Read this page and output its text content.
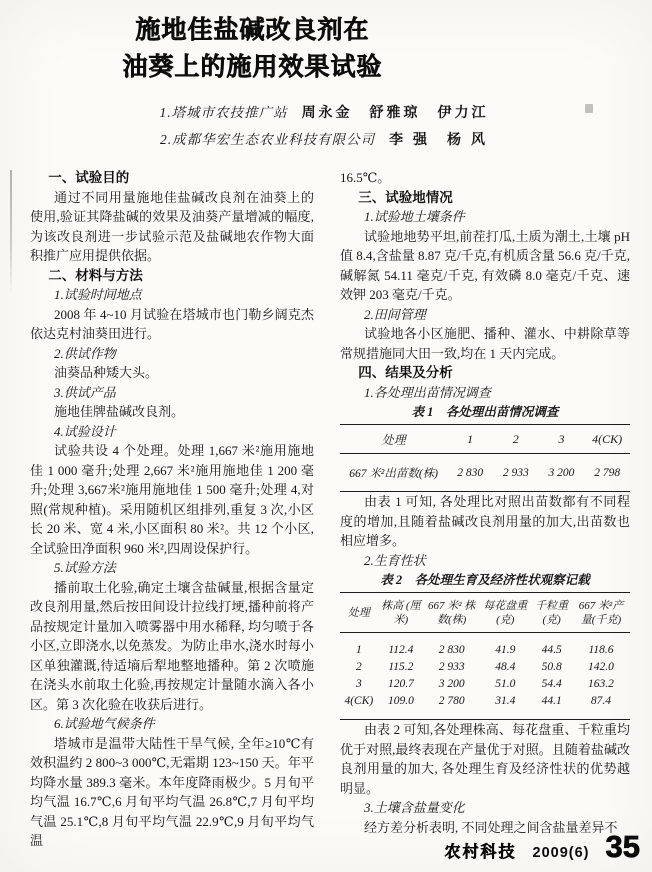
施地佳盐碱改良剂在
油葵上的施用效果试验
1.塔城市农技推广站 周永金　舒雅琼　伊力江
2.成都华宏生态农业科技有限公司 李 强　杨 风

一、试验目的

通过不同用量施地佳盐碱改良剂在油葵上的使用,验证其降盐碱的效果及油葵产量增减的幅度,为该改良剂进一步试验示范及盐碱地农作物大面积推广应用提供依据。

二、材料与方法

1.试验时间地点

2008 年 4~10 月试验在塔城市也门勒乡阔克杰依达克村油葵田进行。

2.供试作物

油葵品种矮大头。

3.供试产品

施地佳牌盐碱改良剂。

4.试验设计

试验共设 4 个处理。处理 1,667 米²施用施地佳 1 000 毫升;处理 2,667 米²施用施地佳 1 200 毫升;处理 3,667米²施用施地佳 1 500 毫升;处理 4,对照(常规种植)。采用随机区组排列,重复 3 次,小区长 20 米、宽 4 米,小区面积 80 米²。共 12 个小区,全试验田净面积 960 米²,四周设保护行。

5.试验方法

播前取土化验,确定土壤含盐碱量,根据含量定改良剂用量,然后按田间设计拉线打埂,播种前将产品按规定计量加入喷雾器中用水稀释, 均匀喷于各小区,立即浇水,以免蒸发。为防止串水,浇水时每小区单独灌溉,待适墒后犁地整地播种。第 2 次喷施在浇头水前取土化验,再按规定计量随水滴入各小区。第 3 次化验在收获后进行。

6.试验地气候条件

塔城市是温带大陆性干旱气候, 全年≥10℃有效积温约 2 800~3 000℃,无霜期 123~150 天。年平均降水量 389.3 毫米。本年度降雨极少。5 月旬平均气温 16.7℃,6 月旬平均气温 26.8℃,7 月旬平均气温 25.1℃,8 月旬平均气温 22.9℃,9 月旬平均气温

16.5℃。

三、试验地情况

1.试验地土壤条件

试验地地势平坦,前茬打瓜,土质为潮土,土壤 pH 值 8.4,含盐量 8.87 克/千克,有机质含量 56.6 克/千克, 碱解氮 54.11 毫克/千克, 有效磷 8.0 毫克/千克、速效钾 203 毫克/千克。

2.田间管理

试验地各小区施肥、播种、灌水、中耕除草等常规措施同大田一致,均在 1 天内完成。

四、结果及分析

1.各处理出苗情况调查

表 1　各处理出苗情况调查

处理	1	2	3	4(CK)
667 米²出苗数(株)	2 830	2 933	3 200	2 798

由表 1 可知, 各处理比对照出苗数都有不同程度的增加,且随着盐碱改良剂用量的加大,出苗数也相应增多。

2.生育性状

表 2　各处理生育及经济性状观察记载

处理	株高 (厘米)	667 米² 株数(株)	每花盘重 (克)	千粒重 (克)	667 米²产 量(千克)
1	112.4	2 830	41.9	44.5	118.6
2	115.2	2 933	48.4	50.8	142.0
3	120.7	3 200	51.0	54.4	163.2
4(CK)	109.0	2 780	31.4	44.1	87.4

由表 2 可知,各处理株高、每花盘重、千粒重均优于对照,最终表现在产量优于对照。且随着盐碱改良剂用量的加大, 各处理生育及经济性状的优势越明显。

3.土壤含盐量变化

经方差分析表明, 不同处理之间含盐量差异不

农村科技 2009(6) 35
